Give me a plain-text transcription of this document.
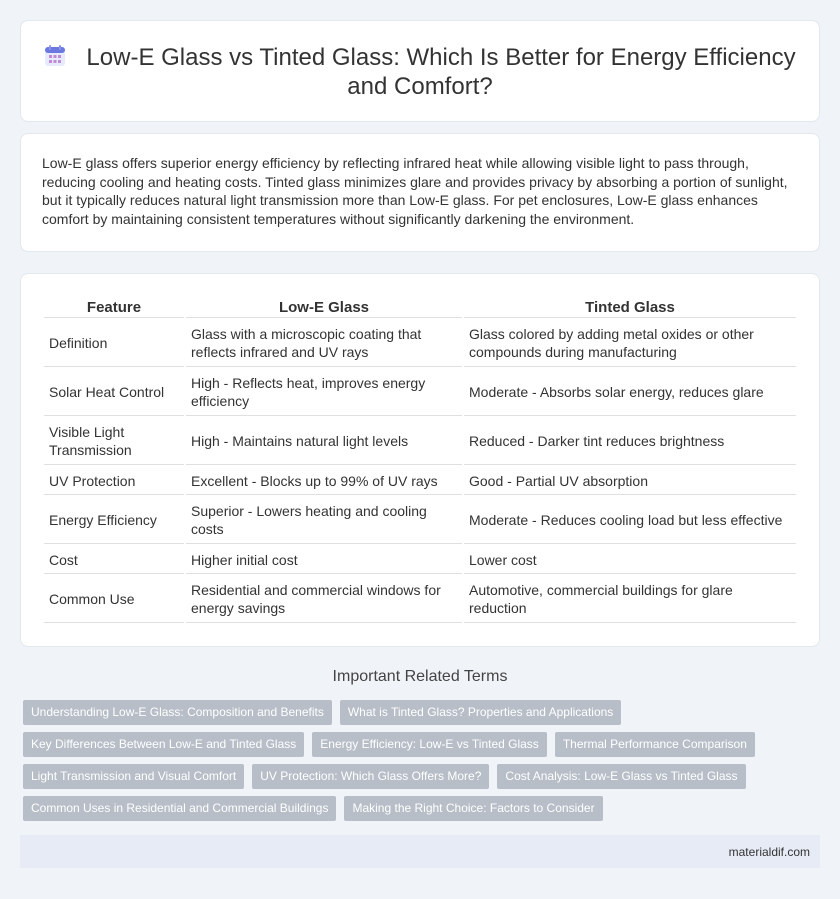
Low-E Glass vs Tinted Glass: Which Is Better for Energy Efficiency
and Comfort?

Low-E glass offers superior energy efficiency by reflecting infrared heat while allowing visible light to pass through, reducing cooling and heating costs. Tinted glass minimizes glare and provides privacy by absorbing a portion of sunlight, but it typically reduces natural light transmission more than Low-E glass. For pet enclosures, Low-E glass enhances comfort by maintaining consistent temperatures without significantly darkening the environment.

Feature	Low-E Glass	Tinted Glass
Definition	Glass with a microscopic coating that reflects infrared and UV rays	Glass colored by adding metal oxides or other compounds during manufacturing
Solar Heat Control	High - Reflects heat, improves energy efficiency	Moderate - Absorbs solar energy, reduces glare
Visible Light Transmission	High - Maintains natural light levels	Reduced - Darker tint reduces brightness
UV Protection	Excellent - Blocks up to 99% of UV rays	Good - Partial UV absorption
Energy Efficiency	Superior - Lowers heating and cooling costs	Moderate - Reduces cooling load but less effective
Cost	Higher initial cost	Lower cost
Common Use	Residential and commercial windows for energy savings	Automotive, commercial buildings for glare reduction
Important Related Terms
Understanding Low-E Glass: Composition and Benefits	What is Tinted Glass? Properties and Applications
Key Differences Between Low-E and Tinted Glass	Energy Efficiency: Low-E vs Tinted Glass	Thermal Performance Comparison
Light Transmission and Visual Comfort	UV Protection: Which Glass Offers More?	Cost Analysis: Low-E Glass vs Tinted Glass
Common Uses in Residential and Commercial Buildings	Making the Right Choice: Factors to Consider
materialdif.com
